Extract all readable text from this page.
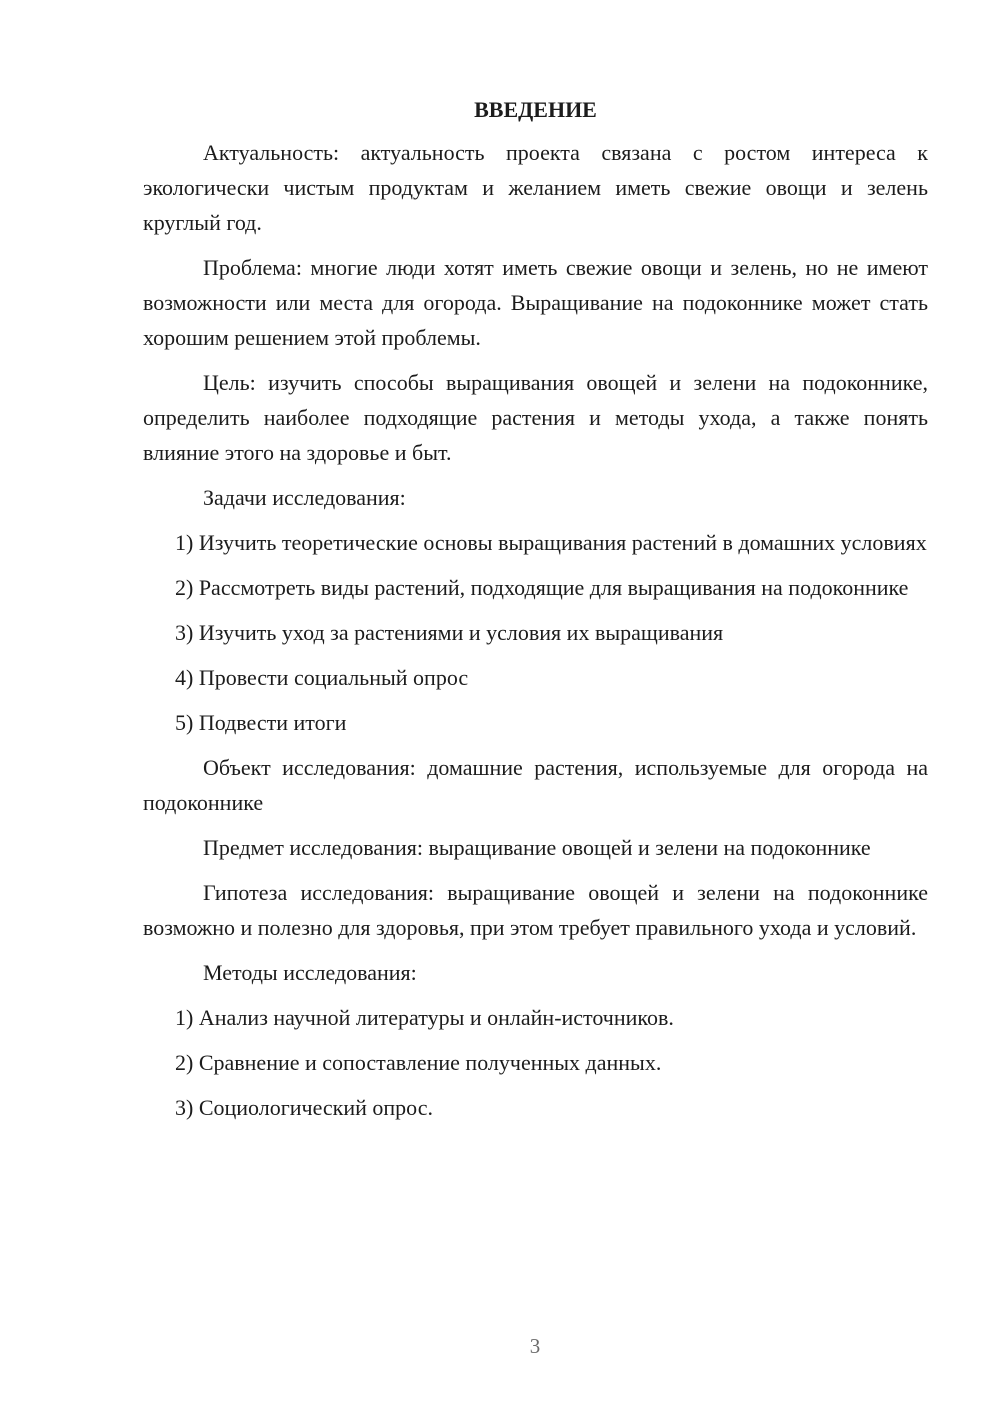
ВВЕДЕНИЕ

Актуальность: актуальность проекта связана с ростом интереса к экологически чистым продуктам и желанием иметь свежие овощи и зелень круглый год.

Проблема: многие люди хотят иметь свежие овощи и зелень, но не имеют возможности или места для огорода. Выращивание на подоконнике может стать хорошим решением этой проблемы.

Цель: изучить способы выращивания овощей и зелени на подоконнике, определить наиболее подходящие растения и методы ухода, а также понять влияние этого на здоровье и быт.

Задачи исследования:

1) Изучить теоретические основы выращивания растений в домашних условиях

2) Рассмотреть виды растений, подходящие для выращивания на подоконнике

3) Изучить уход за растениями и условия их выращивания

4) Провести социальный опрос

5) Подвести итоги

Объект исследования: домашние растения, используемые для огорода на подоконнике

Предмет исследования: выращивание овощей и зелени на подоконнике

Гипотеза исследования: выращивание овощей и зелени на подоконнике возможно и полезно для здоровья, при этом требует правильного ухода и условий.

Методы исследования:

1) Анализ научной литературы и онлайн-источников.

2) Сравнение и сопоставление полученных данных.

3) Социологический опрос.

3
